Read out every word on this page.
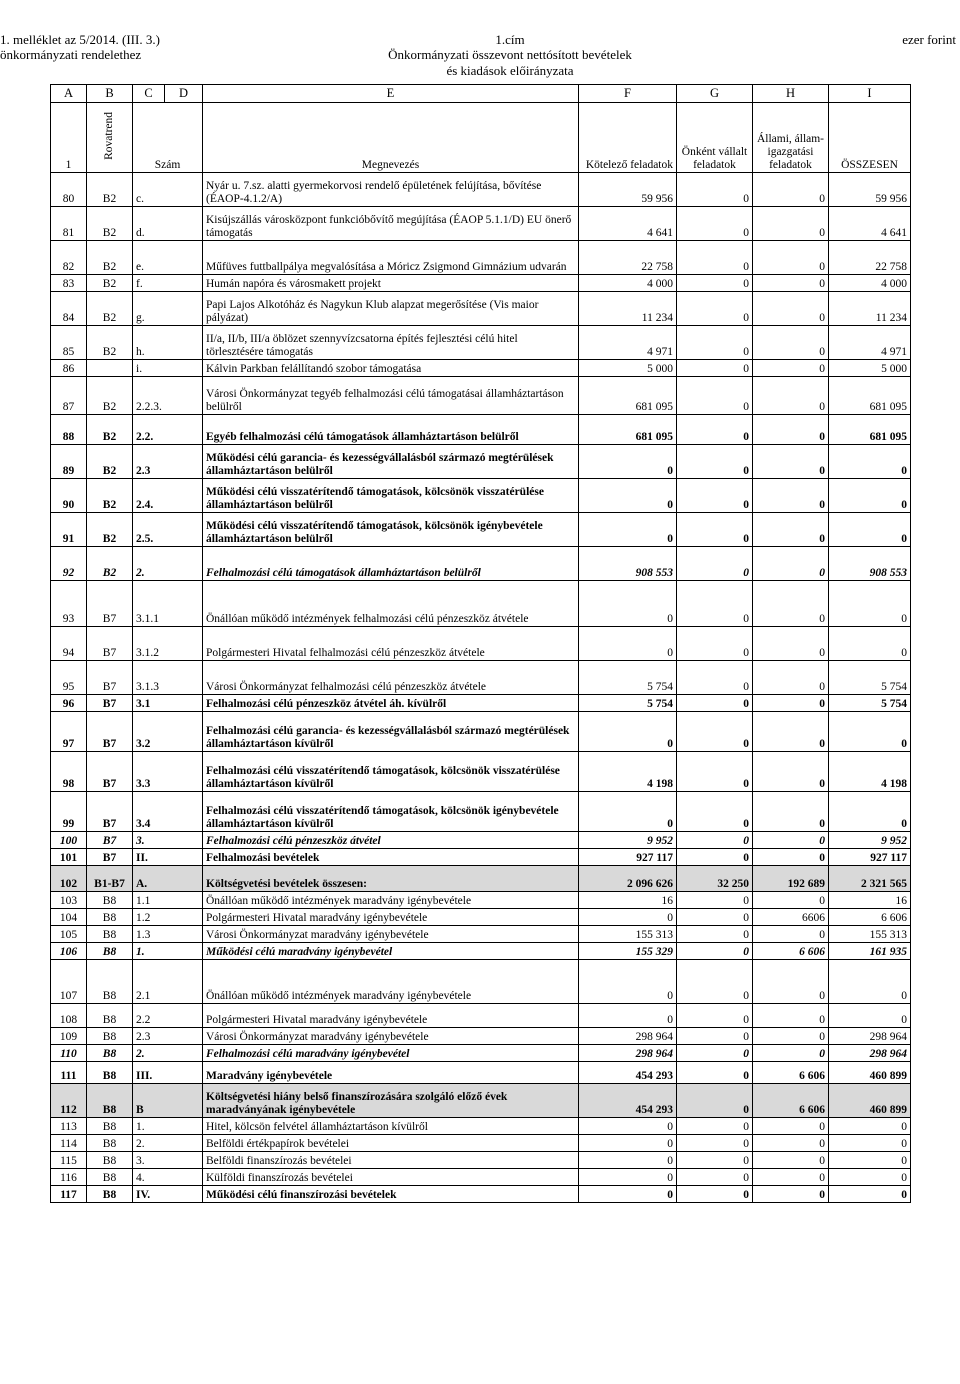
1. melléklet az 5/2014. (III. 3.)
önkormányzati rendelethez
1.cím
Önkormányzati összevont nettósított bevételek
és kiadások előirányzata
ezer forint
A	B	C	D	E	F	G	H	I
1	Rovatrend	Szám		Megnevezés	Kötelező feladatok	Önként vállalt feladatok	Állami, állam-igazgatási feladatok	ÖSSZESEN
80	B2	c.		Nyár u. 7.sz. alatti gyermekorvosi rendelő épületének felújítása, bővítése (ÉAOP-4.1.2/A)	59 956	0	0	59 956
81	B2	d.		Kisújszállás városközpont funkcióbővítő megújítása (ÉAOP 5.1.1/D) EU önerő támogatás	4 641	0	0	4 641
82	B2	e.		Műfüves futtballpálya megvalósítása a Móricz Zsigmond Gimnázium udvarán	22 758	0	0	22 758
83	B2	f.		Humán napóra és városmakett projekt	4 000	0	0	4 000
84	B2	g.		Papi Lajos Alkotóház és Nagykun Klub alapzat megerősítése (Vis maior pályázat)	11 234	0	0	11 234
85	B2	h.		II/a, II/b, III/a öblözet szennyvízcsatorna építés fejlesztési célú hitel törlesztésére támogatás	4 971	0	0	4 971
86		i.		Kálvin Parkban felállítandó szobor támogatása	5 000	0	0	5 000
87	B2	2.2.3.		Városi Önkormányzat tegyéb felhalmozási célú támogatásai államháztartáson belülről	681 095	0	0	681 095
88	B2	2.2.		Egyéb felhalmozási célú támogatások államháztartáson belülről	681 095	0	0	681 095
89	B2	2.3		Működési célú garancia- és kezességvállalásból származó megtérülések államháztartáson belülről	0	0	0	0
90	B2	2.4.		Működési célú visszatérítendő támogatások, kölcsönök visszatérülése államháztartáson belülről	0	0	0	0
91	B2	2.5.		Működési célú visszatérítendő támogatások, kölcsönök igénybevétele államháztartáson belülről	0	0	0	0
92	B2	2.		Felhalmozási célú támogatások államháztartáson belülről	908 553	0	0	908 553
93	B7	3.1.1		Önállóan működő intézmények felhalmozási célú pénzeszköz átvétele	0	0	0	0
94	B7	3.1.2		Polgármesteri Hivatal felhalmozási célú pénzeszköz átvétele	0	0	0	0
95	B7	3.1.3		Városi Önkormányzat felhalmozási célú pénzeszköz átvétele	5 754	0	0	5 754
96	B7	3.1		Felhalmozási célú pénzeszköz átvétel áh. kívülről	5 754	0	0	5 754
97	B7	3.2		Felhalmozási célú garancia- és kezességvállalásból származó megtérülések államháztartáson kívülről	0	0	0	0
98	B7	3.3		Felhalmozási célú visszatérítendő támogatások, kölcsönök visszatérülése államháztartáson kívülről	4 198	0	0	4 198
99	B7	3.4		Felhalmozási célú visszatérítendő támogatások, kölcsönök igénybevétele államháztartáson kívülről	0	0	0	0
100	B7	3.		Felhalmozási célú pénzeszköz átvétel	9 952	0	0	9 952
101	B7	II.		Felhalmozási bevételek	927 117	0	0	927 117
102	B1-B7	A.		Költségvetési bevételek összesen:	2 096 626	32 250	192 689	2 321 565
103	B8	1.1		Önállóan működő intézmények maradvány igénybevétele	16	0	0	16
104	B8	1.2		Polgármesteri Hivatal maradvány igénybevétele	0	0	6606	6 606
105	B8	1.3		Városi Önkormányzat maradvány igénybevétele	155 313	0	0	155 313
106	B8	1.		Működési célú maradvány igénybevétel	155 329	0	6 606	161 935
107	B8	2.1		Önállóan működő intézmények maradvány igénybevétele	0	0	0	0
108	B8	2.2		Polgármesteri Hivatal maradvány igénybevétele	0	0	0	0
109	B8	2.3		Városi Önkormányzat maradvány igénybevétele	298 964	0	0	298 964
110	B8	2.		Felhalmozási célú maradvány igénybevétel	298 964	0	0	298 964
111	B8	III.		Maradvány igénybevétele	454 293	0	6 606	460 899
112	B8	B		Költségvetési hiány belső finanszírozására szolgáló előző évek maradványának igénybevétele	454 293	0	6 606	460 899
113	B8	1.		Hitel, kölcsön felvétel államháztartáson kívülről	0	0	0	0
114	B8	2.		Belföldi értékpapírok bevételei	0	0	0	0
115	B8	3.		Belföldi finanszírozás bevételei	0	0	0	0
116	B8	4.		Külföldi finanszírozás bevételei	0	0	0	0
117	B8	IV.		Működési célú finanszírozási bevételek	0	0	0	0
